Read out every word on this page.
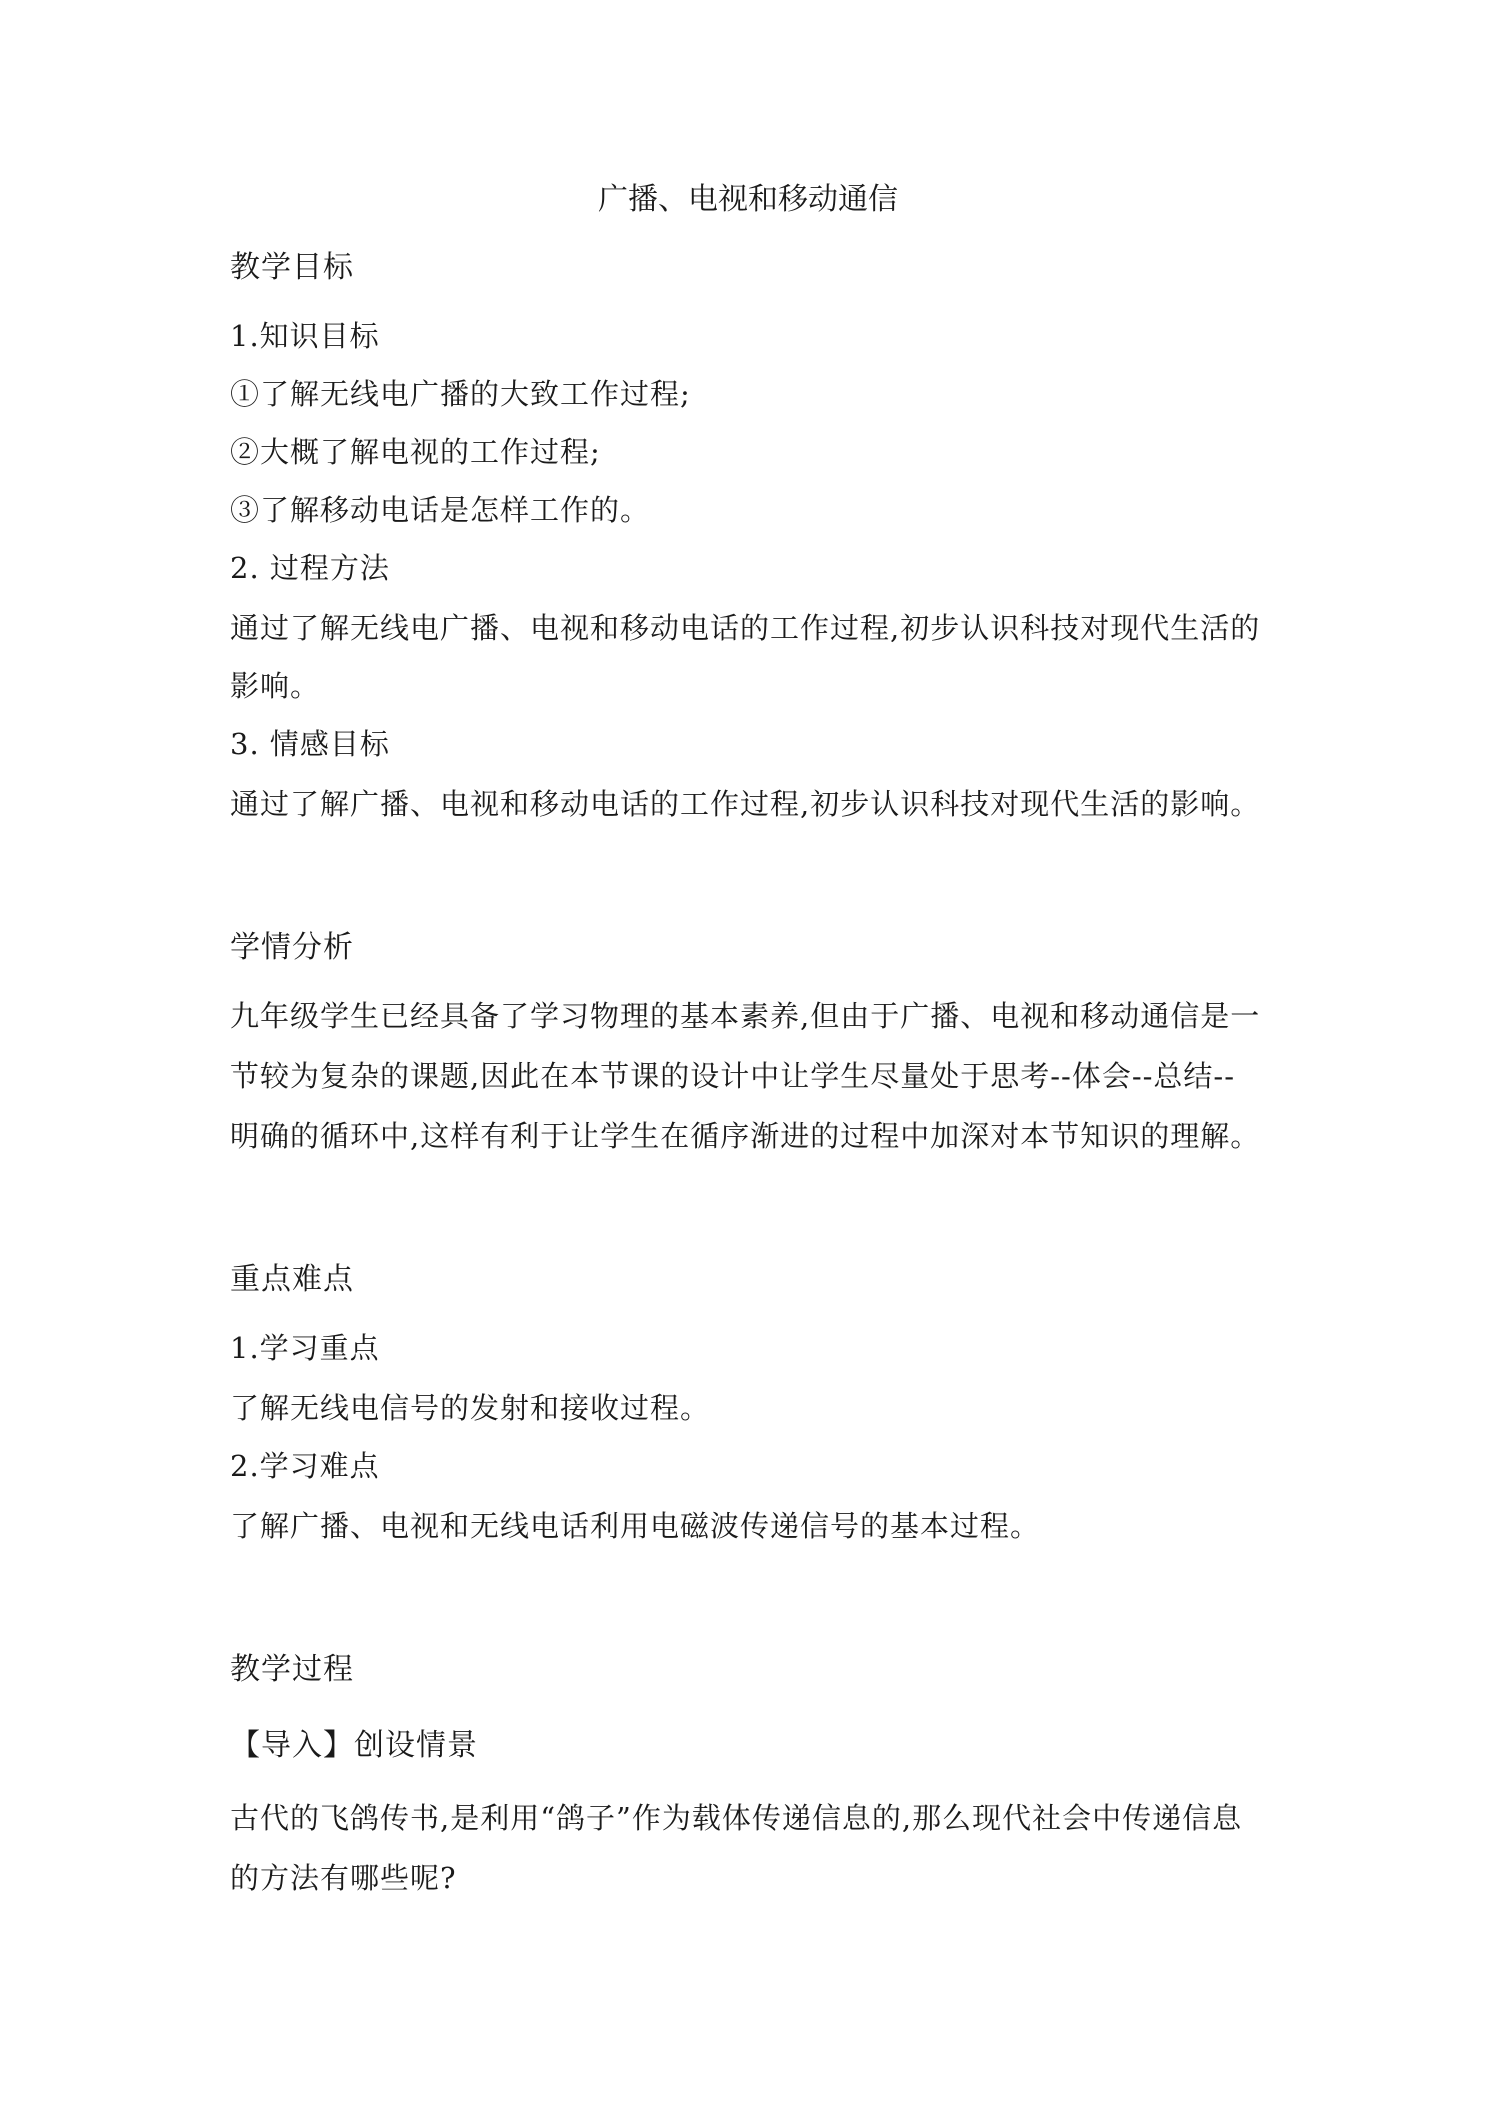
广播、电视和移动通信
教学目标

1.知识目标

①了解无线电广播的大致工作过程;

②大概了解电视的工作过程;

③了解移动电话是怎样工作的。

2. 过程方法

通过了解无线电广播、电视和移动电话的工作过程,初步认识科技对现代生活的

影响。

3. 情感目标

通过了解广播、电视和移动电话的工作过程,初步认识科技对现代生活的影响。

学情分析

九年级学生已经具备了学习物理的基本素养,但由于广播、电视和移动通信是一

节较为复杂的课题,因此在本节课的设计中让学生尽量处于思考--体会--总结--

明确的循环中,这样有利于让学生在循序渐进的过程中加深对本节知识的理解。

重点难点

1.学习重点

了解无线电信号的发射和接收过程。

2.学习难点

了解广播、电视和无线电话利用电磁波传递信号的基本过程。

教学过程
【导入】创设情景

古代的飞鸽传书,是利用“鸽子”作为载体传递信息的,那么现代社会中传递信息

的方法有哪些呢?
